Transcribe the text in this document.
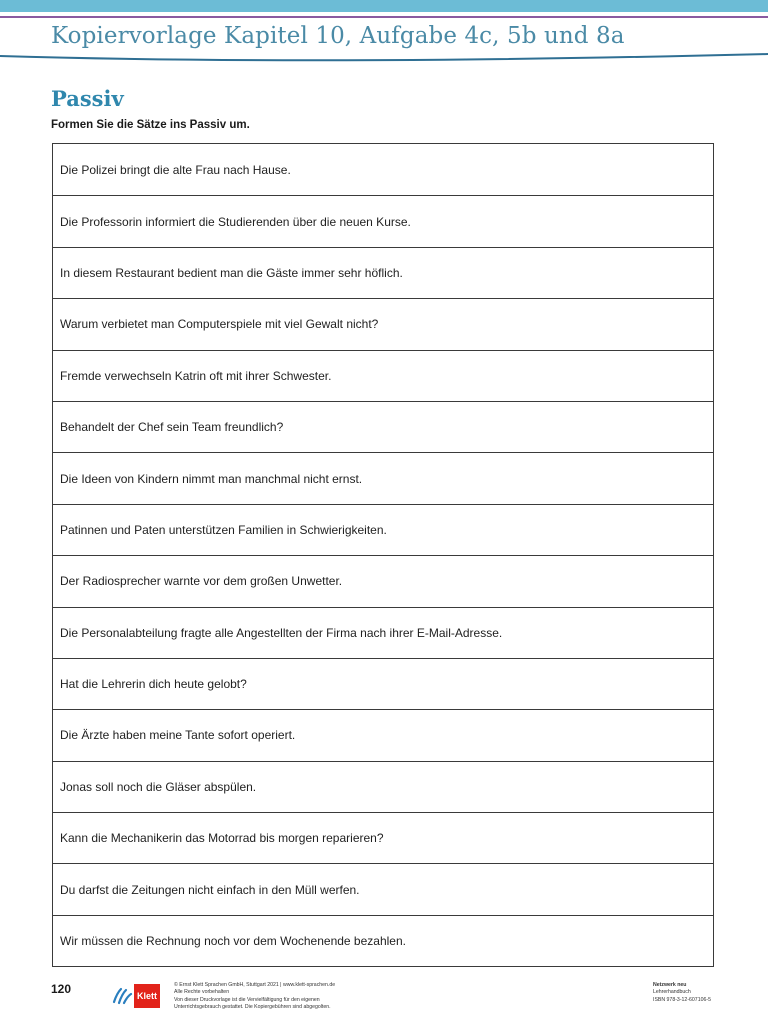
Kopiervorlage Kapitel 10, Aufgabe 4c, 5b und 8a
Passiv
Formen Sie die Sätze ins Passiv um.
Die Polizei bringt die alte Frau nach Hause.
Die Professorin informiert die Studierenden über die neuen Kurse.
In diesem Restaurant bedient man die Gäste immer sehr höflich.
Warum verbietet man Computerspiele mit viel Gewalt nicht?
Fremde verwechseln Katrin oft mit ihrer Schwester.
Behandelt der Chef sein Team freundlich?
Die Ideen von Kindern nimmt man manchmal nicht ernst.
Patinnen und Paten unterstützen Familien in Schwierigkeiten.
Der Radiosprecher warnte vor dem großen Unwetter.
Die Personalabteilung fragte alle Angestellten der Firma nach ihrer E-Mail-Adresse.
Hat die Lehrerin dich heute gelobt?
Die Ärzte haben meine Tante sofort operiert.
Jonas soll noch die Gläser abspülen.
Kann die Mechanikerin das Motorrad bis morgen reparieren?
Du darfst die Zeitungen nicht einfach in den Müll werfen.
Wir müssen die Rechnung noch vor dem Wochenende bezahlen.
120	Klett
© Ernst Klett Sprachen GmbH, Stuttgart 2021 | www.klett-sprachen.de
Alle Rechte vorbehalten
Von dieser Druckvorlage ist die Vervielfältigung für den eigenen
Unterrichtsgebrauch gestattet. Die Kopiergebühren sind abgegolten.
Netzwerk neu
Lehrerhandbuch
ISBN 978-3-12-607106-5
